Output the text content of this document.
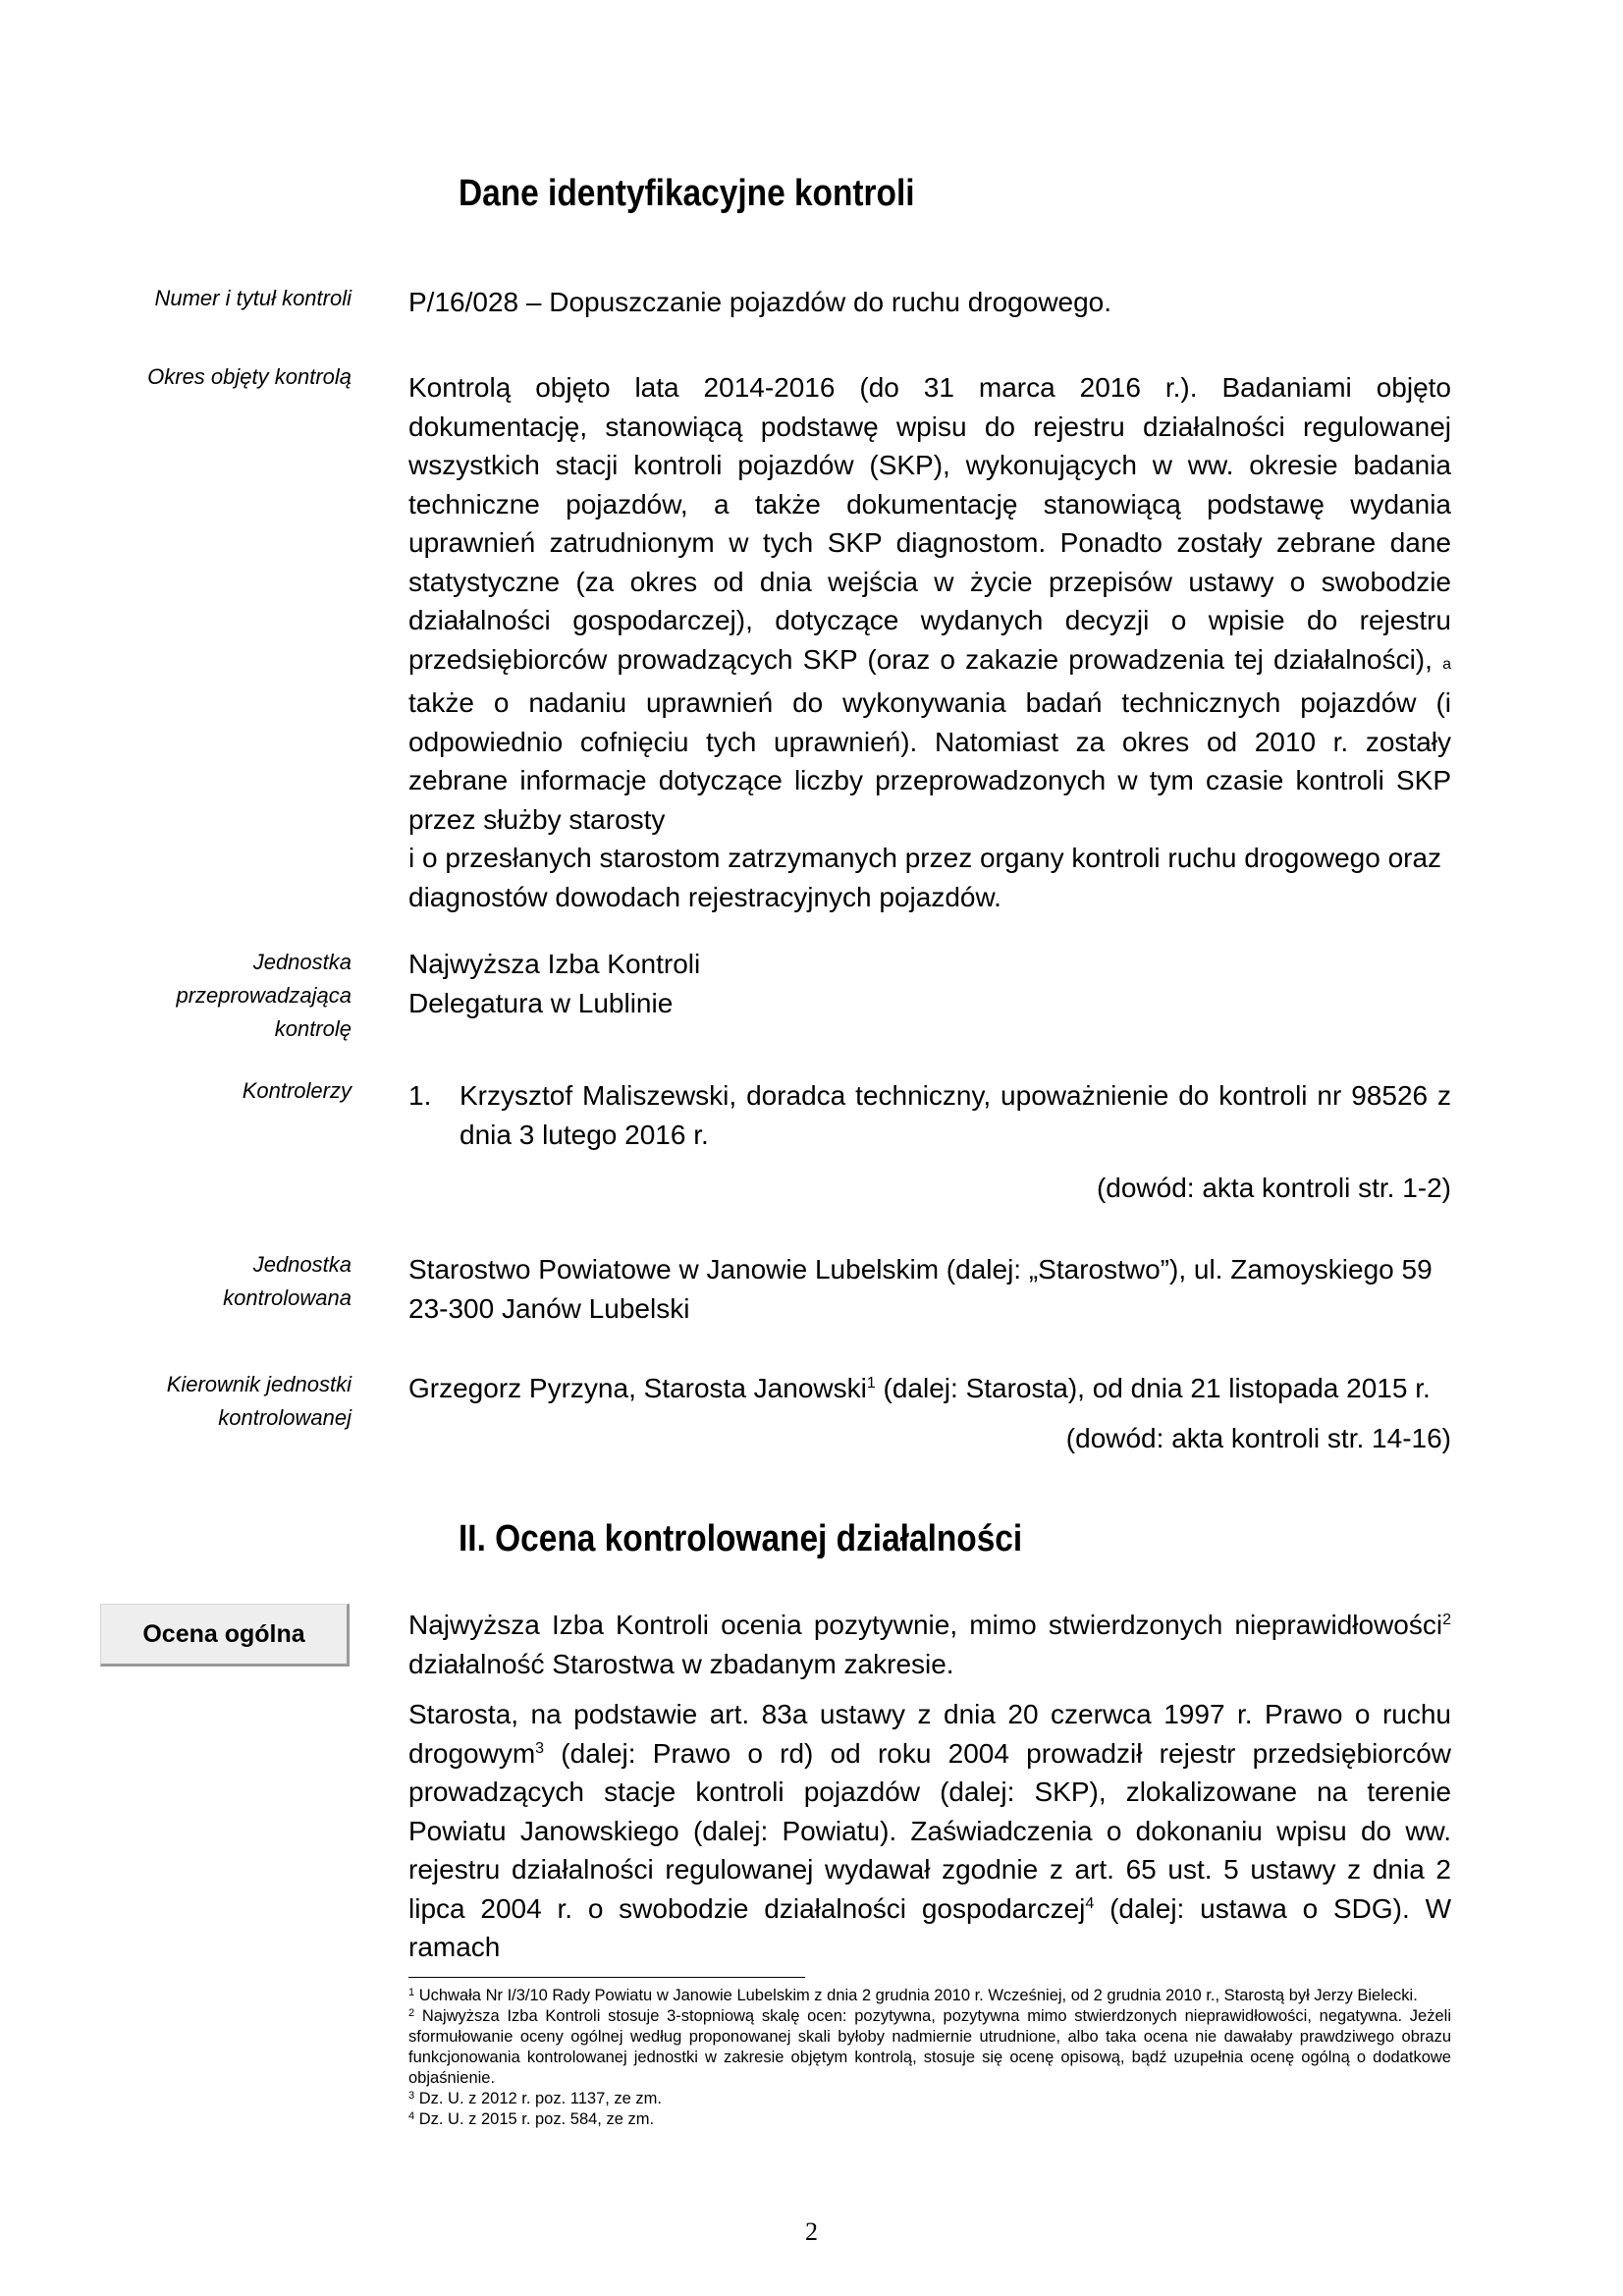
Dane identyfikacyjne kontroli
Numer i tytuł kontroli P/16/028 – Dopuszczanie pojazdów do ruchu drogowego.
Okres objęty kontrolą Kontrolą objęto lata 2014-2016 (do 31 marca 2016 r.). Badaniami objęto dokumentację, stanowiącą podstawę wpisu do rejestru działalności regulowanej wszystkich stacji kontroli pojazdów (SKP), wykonujących w ww. okresie badania techniczne pojazdów, a także dokumentację stanowiącą podstawę wydania uprawnień zatrudnionym w tych SKP diagnostom. Ponadto zostały zebrane dane statystyczne (za okres od dnia wejścia w życie przepisów ustawy o swobodzie działalności gospodarczej), dotyczące wydanych decyzji o wpisie do rejestru przedsiębiorców prowadzących SKP (oraz o zakazie prowadzenia tej działalności), a także o nadaniu uprawnień do wykonywania badań technicznych pojazdów (i odpowiednio cofnięciu tych uprawnień). Natomiast za okres od 2010 r. zostały zebrane informacje dotyczące liczby przeprowadzonych w tym czasie kontroli SKP przez służby starosty

i o przesłanych starostom zatrzymanych przez organy kontroli ruchu drogowego oraz diagnostów dowodach rejestracyjnych pojazdów.

Jednostka
przeprowadzająca
kontrolę

Najwyższa Izba Kontroli

Delegatura w Lublinie

Kontrolerzy 1.	Krzysztof Maliszewski, doradca techniczny, upoważnienie do kontroli nr 98526 z dnia 3 lutego 2016 r.

(dowód: akta kontroli str. 1-2)

Jednostka
kontrolowana

Starostwo Powiatowe w Janowie Lubelskim (dalej: „Starostwo”), ul. Zamoyskiego 59

23-300 Janów Lubelski

Kierownik jednostki
kontrolowanej

Grzegorz Pyrzyna, Starosta Janowski$^1$ (dalej: Starosta), od dnia 21 listopada 2015 r.

(dowód: akta kontroli str. 14-16)

II. Ocena kontrolowanej działalności
Ocena ogólna	Najwyższa Izba Kontroli ocenia pozytywnie, mimo stwierdzonych nieprawidłowości$^2$ działalność Starostwa w zbadanym zakresie.

Starosta, na podstawie art. 83a ustawy z dnia 20 czerwca 1997 r. Prawo o ruchu drogowym$^3$ (dalej: Prawo o rd) od roku 2004 prowadził rejestr przedsiębiorców prowadzących stacje kontroli pojazdów (dalej: SKP), zlokalizowane na terenie Powiatu Janowskiego (dalej: Powiatu). Zaświadczenia o dokonaniu wpisu do ww. rejestru działalności regulowanej wydawał zgodnie z art. 65 ust. 5 ustawy z dnia 2 lipca 2004 r. o swobodzie działalności gospodarczej$^4$ (dalej: ustawa o SDG). W ramach

$^1$ Uchwała Nr I/3/10 Rady Powiatu w Janowie Lubelskim z dnia 2 grudnia 2010 r. Wcześniej, od 2 grudnia 2010 r., Starostą był Jerzy Bielecki.

$^2$ Najwyższa Izba Kontroli stosuje 3-stopniową skalę ocen: pozytywna, pozytywna mimo stwierdzonych nieprawidłowości, negatywna. Jeżeli sformułowanie oceny ogólnej według proponowanej skali byłoby nadmiernie utrudnione, albo taka ocena nie dawałaby prawdziwego obrazu funkcjonowania kontrolowanej jednostki w zakresie objętym kontrolą, stosuje się ocenę opisową, bądź uzupełnia ocenę ogólną o dodatkowe objaśnienie.

$^3$ Dz. U. z 2012 r. poz. 1137, ze zm.

$^4$ Dz. U. z 2015 r. poz. 584, ze zm.

2
